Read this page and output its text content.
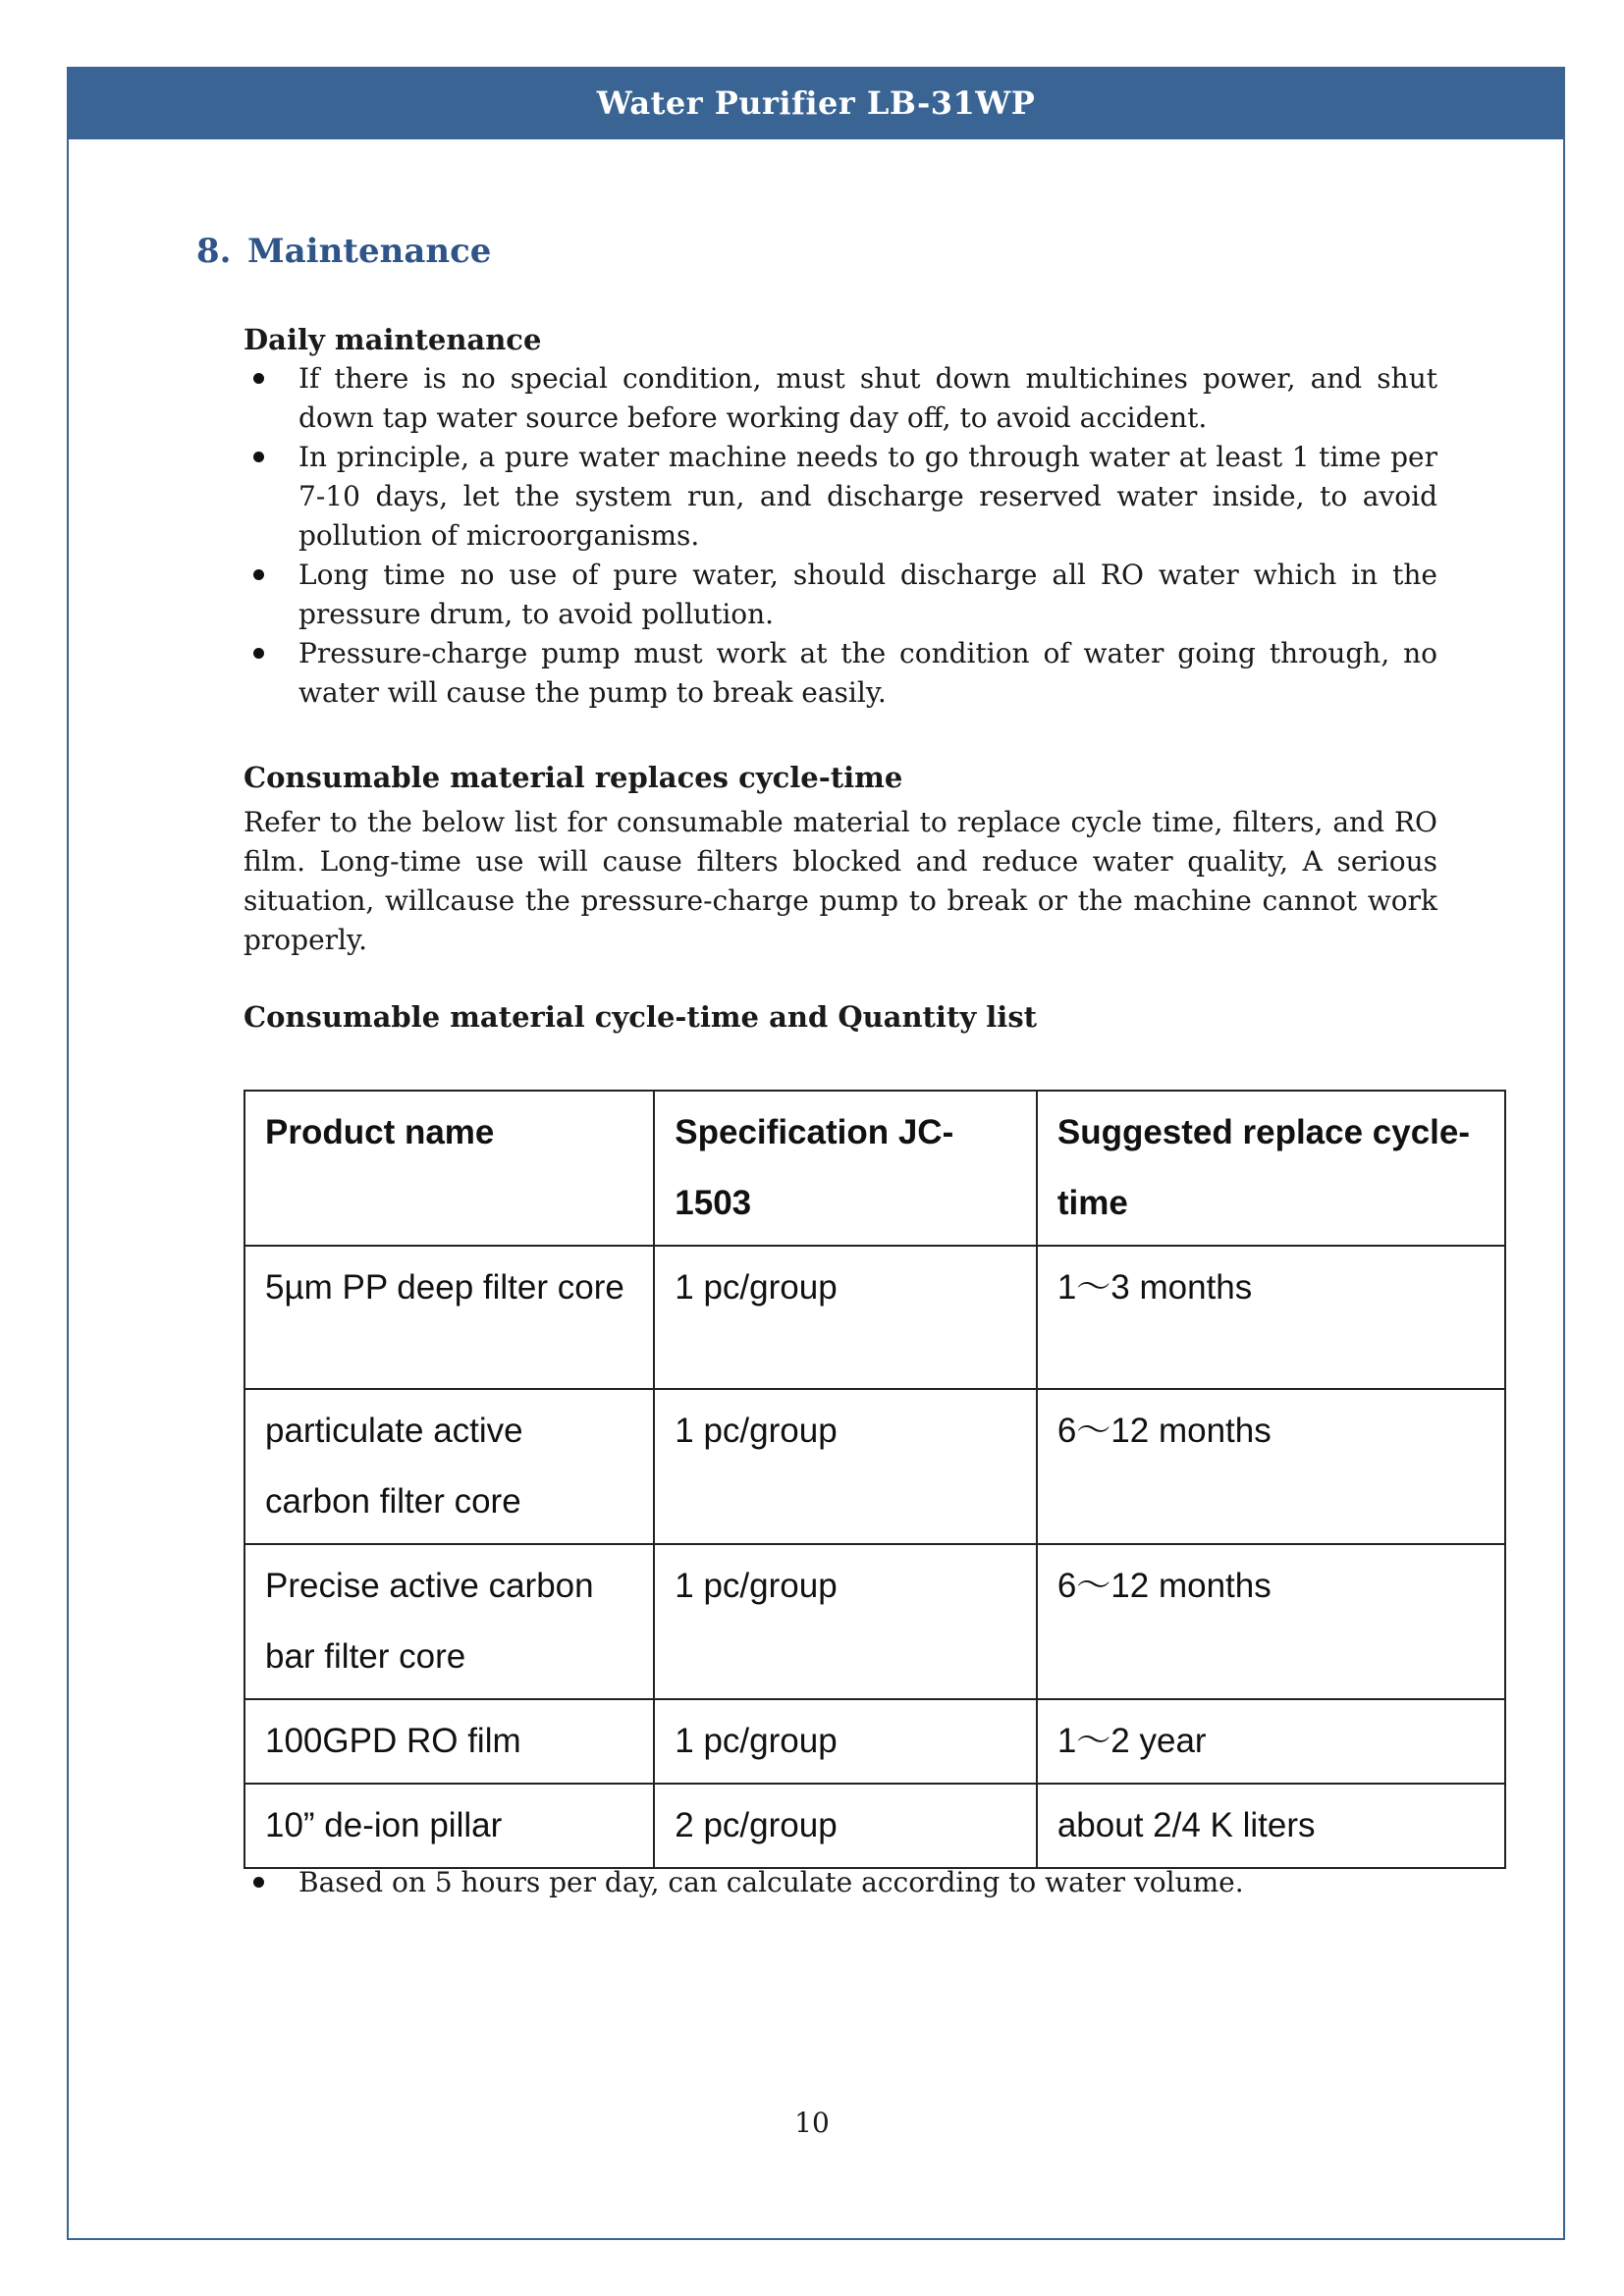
Water Purifier LB-31WP
8. Maintenance
Daily maintenance
If there is no special condition, must shut down multichines power, and shut down tap water source before working day off, to avoid accident.
In principle, a pure water machine needs to go through water at least 1 time per 7-10 days, let the system run, and discharge reserved water inside, to avoid pollution of microorganisms.
Long time no use of pure water, should discharge all RO water which in the pressure drum, to avoid pollution.
Pressure-charge pump must work at the condition of water going through, no water will cause the pump to break easily.
Consumable material replaces cycle-time
Refer to the below list for consumable material to replace cycle time, filters, and RO film. Long-time use will cause filters blocked and reduce water quality, A serious situation, willcause the pressure-charge pump to break or the machine cannot work properly.
Consumable material cycle-time and Quantity list
Product name	Specification JC-1503	Suggested replace cycle-time
5µm PP deep filter core	1 pc/group	1～3 months
particulate active carbon filter core	1 pc/group	6～12 months
Precise active carbon bar filter core	1 pc/group	6～12 months
100GPD RO film	1 pc/group	1～2 year
10” de-ion pillar	2 pc/group	about 2/4 K liters
Based on 5 hours per day, can calculate according to water volume.
10
